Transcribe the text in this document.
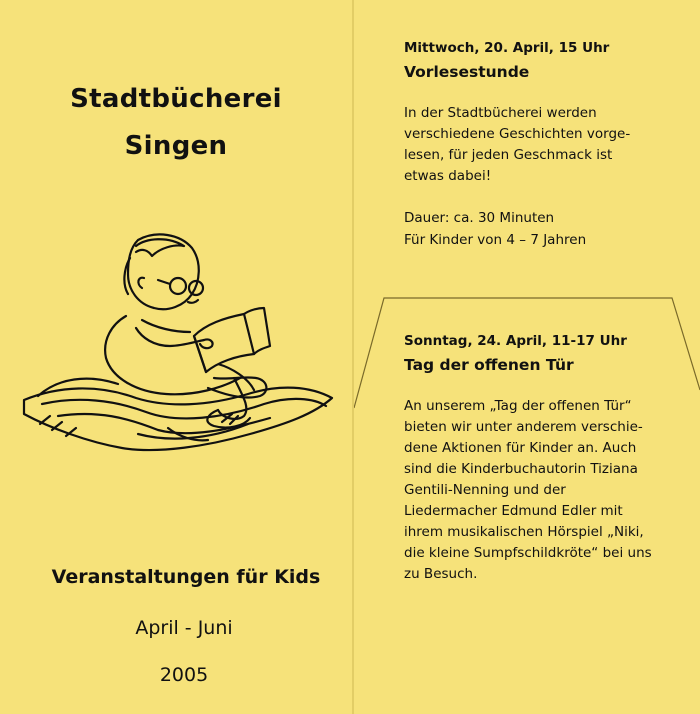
Stadtbücherei
Singen
Veranstaltungen für Kids
April - Juni
2005
Mittwoch, 20. April, 15 Uhr
Vorlesestunde
In der Stadtbücherei werden
verschiedene Geschichten vorge-
lesen, für jeden Geschmack ist
etwas dabei!
Dauer: ca. 30 Minuten
Für Kinder von 4 – 7 Jahren
Sonntag, 24. April, 11-17 Uhr
Tag der offenen Tür
An unserem „Tag der offenen Tür“
bieten wir unter anderem verschie-
dene Aktionen für Kinder an. Auch
sind die Kinderbuchautorin Tiziana
Gentili-Nenning und der
Liedermacher Edmund Edler mit
ihrem musikalischen Hörspiel „Niki,
die kleine Sumpfschildkröte“ bei uns
zu Besuch.
